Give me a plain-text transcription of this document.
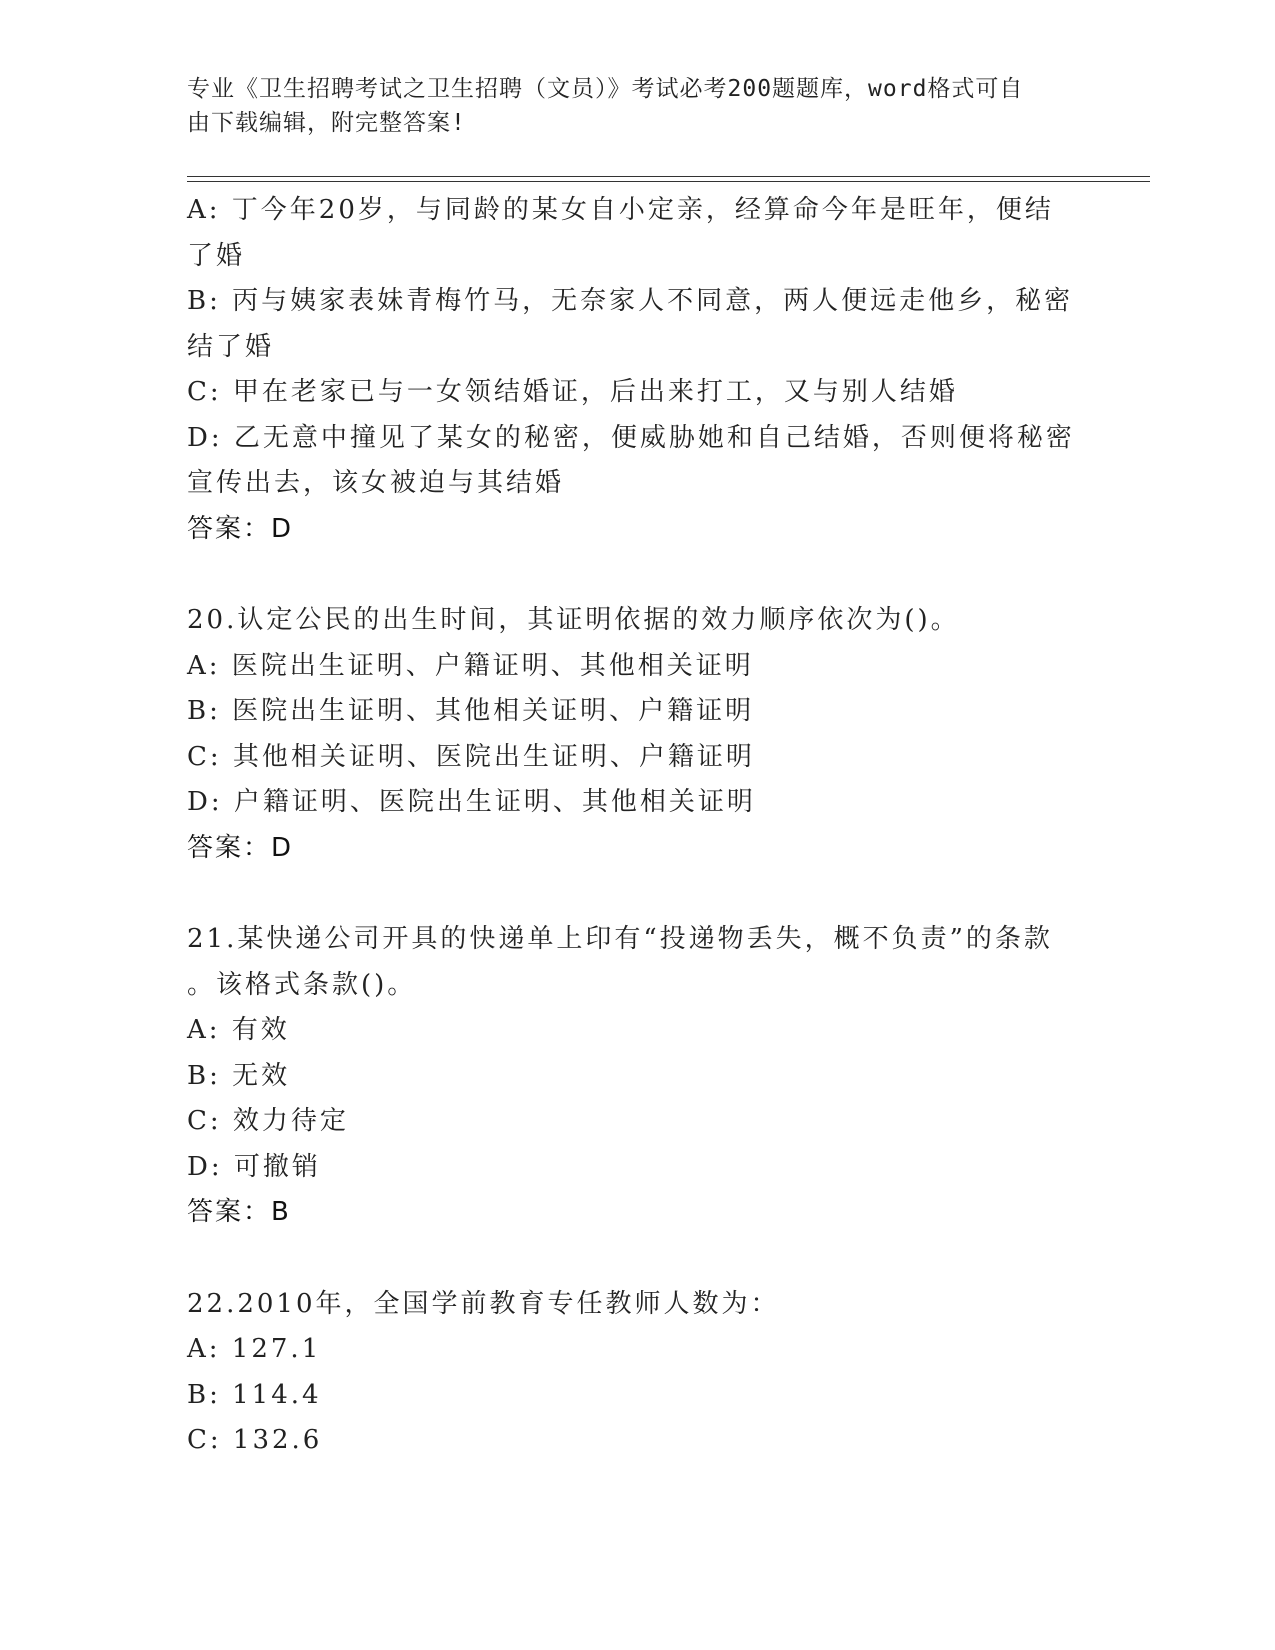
专业《卫生招聘考试之卫生招聘（文员）》考试必考200题题库，word格式可自
由下载编辑，附完整答案!
A: 丁今年20岁，与同龄的某女自小定亲，经算命今年是旺年，便结
了婚
B: 丙与姨家表妹青梅竹马，无奈家人不同意，两人便远走他乡，秘密
结了婚
C: 甲在老家已与一女领结婚证，后出来打工，又与别人结婚
D: 乙无意中撞见了某女的秘密，便威胁她和自己结婚，否则便将秘密
宣传出去，该女被迫与其结婚
答案：D
20.认定公民的出生时间，其证明依据的效力顺序依次为()。
A: 医院出生证明、户籍证明、其他相关证明
B: 医院出生证明、其他相关证明、户籍证明
C: 其他相关证明、医院出生证明、户籍证明
D: 户籍证明、医院出生证明、其他相关证明
答案：D
21.某快递公司开具的快递单上印有“投递物丢失，概不负责”的条款
。该格式条款()。
A: 有效
B: 无效
C: 效力待定
D: 可撤销
答案：B
22.2010年，全国学前教育专任教师人数为：
A: 127.1
B: 114.4
C: 132.6
